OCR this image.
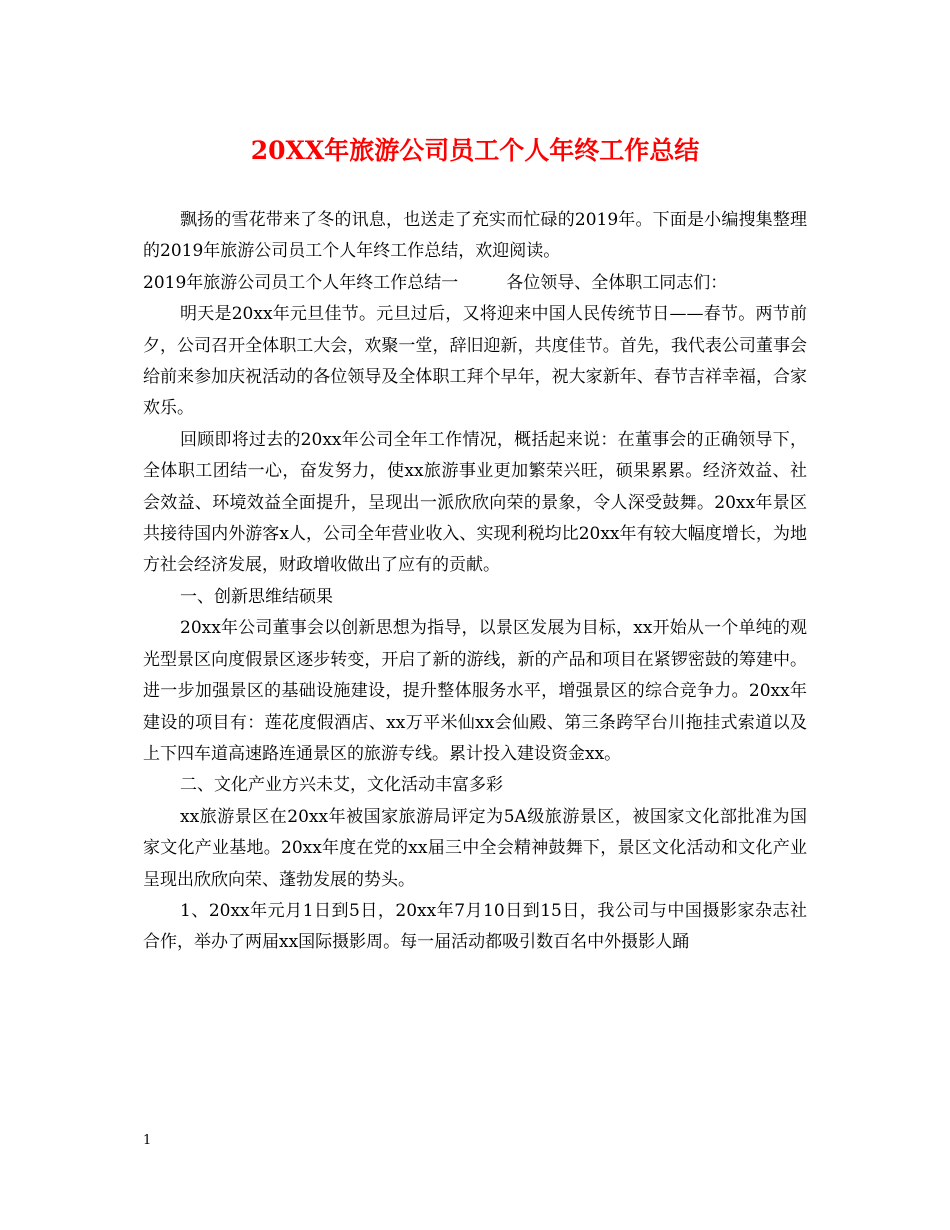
20XX年旅游公司员工个人年终工作总结

飘扬的雪花带来了冬的讯息，也送走了充实而忙碌的2019年。下面是小编搜集整理的2019年旅游公司员工个人年终工作总结，欢迎阅读。

2019年旅游公司员工个人年终工作总结一	各位领导、全体职工同志们：

明天是20xx年元旦佳节。元旦过后，又将迎来中国人民传统节日——春节。两节前夕，公司召开全体职工大会，欢聚一堂，辞旧迎新，共度佳节。首先，我代表公司董事会给前来参加庆祝活动的各位领导及全体职工拜个早年，祝大家新年、春节吉祥幸福，合家欢乐。

回顾即将过去的20xx年公司全年工作情况，概括起来说：在董事会的正确领导下，全体职工团结一心，奋发努力，使xx旅游事业更加繁荣兴旺，硕果累累。经济效益、社会效益、环境效益全面提升，呈现出一派欣欣向荣的景象，令人深受鼓舞。20xx年景区共接待国内外游客x人，公司全年营业收入、实现利税均比20xx年有较大幅度增长，为地方社会经济发展，财政增收做出了应有的贡献。

一、创新思维结硕果

20xx年公司董事会以创新思想为指导，以景区发展为目标，xx开始从一个单纯的观光型景区向度假景区逐步转变，开启了新的游线，新的产品和项目在紧锣密鼓的筹建中。进一步加强景区的基础设施建设，提升整体服务水平，增强景区的综合竞争力。20xx年建设的项目有：莲花度假酒店、xx万平米仙xx会仙殿、第三条跨罕台川拖挂式索道以及上下四车道高速路连通景区的旅游专线。累计投入建设资金xx。

二、文化产业方兴未艾，文化活动丰富多彩

xx旅游景区在20xx年被国家旅游局评定为5A级旅游景区，被国家文化部批准为国家文化产业基地。20xx年度在党的xx届三中全会精神鼓舞下，景区文化活动和文化产业呈现出欣欣向荣、蓬勃发展的势头。

1、20xx年元月1日到5日，20xx年7月10日到15日，我公司与中国摄影家杂志社合作，举办了两届xx国际摄影周。每一届活动都吸引数百名中外摄影人踊

1
